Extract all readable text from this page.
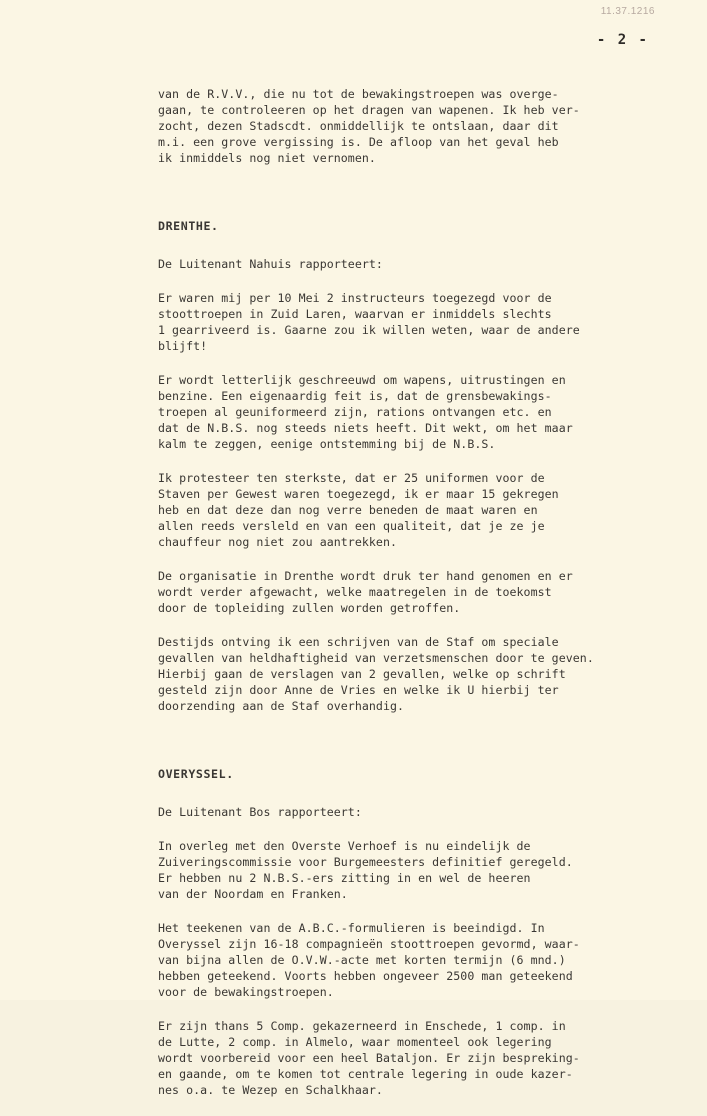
11.37.1216
- 2 -
van de R.V.V., die nu tot de bewakingstroepen was overge-
gaan, te controleeren op het dragen van wapenen. Ik heb ver-
zocht, dezen Stadscdt. onmiddellijk te ontslaan, daar dit
m.i. een grove vergissing is. De afloop van het geval heb
ik inmiddels nog niet vernomen.
DRENTHE.
De Luitenant Nahuis rapporteert:
Er waren mij per 10 Mei 2 instructeurs toegezegd voor de
stoottroepen in Zuid Laren, waarvan er inmiddels slechts
1 gearriveerd is. Gaarne zou ik willen weten, waar de andere
blijft!
Er wordt letterlijk geschreeuwd om wapens, uitrustingen en
benzine. Een eigenaardig feit is, dat de grensbewakings-
troepen al geuniformeerd zijn, rations ontvangen etc. en
dat de N.B.S. nog steeds niets heeft. Dit wekt, om het maar
kalm te zeggen, eenige ontstemming bij de N.B.S.
Ik protesteer ten sterkste, dat er 25 uniformen voor de
Staven per Gewest waren toegezegd, ik er maar 15 gekregen
heb en dat deze dan nog verre beneden de maat waren en
allen reeds versleld en van een qualiteit, dat je ze je
chauffeur nog niet zou aantrekken.
De organisatie in Drenthe wordt druk ter hand genomen en er
wordt verder afgewacht, welke maatregelen in de toekomst
door de topleiding zullen worden getroffen.
Destijds ontving ik een schrijven van de Staf om speciale
gevallen van heldhaftigheid van verzetsmenschen door te geven.
Hierbij gaan de verslagen van 2 gevallen, welke op schrift
gesteld zijn door Anne de Vries en welke ik U hierbij ter
doorzending aan de Staf overhandig.
OVERYSSEL.
De Luitenant Bos rapporteert:
In overleg met den Overste Verhoef is nu eindelijk de
Zuiveringscommissie voor Burgemeesters definitief geregeld.
Er hebben nu 2 N.B.S.-ers zitting in en wel de heeren
van der Noordam en Franken.
Het teekenen van de A.B.C.-formulieren is beeindigd. In
Overyssel zijn 16-18 compagnieën stoottroepen gevormd, waar-
van bijna allen de O.V.W.-acte met korten termijn (6 mnd.)
hebben geteekend. Voorts hebben ongeveer 2500 man geteekend
voor de bewakingstroepen.
Er zijn thans 5 Comp. gekazerneerd in Enschede, 1 comp. in
de Lutte, 2 comp. in Almelo, waar momenteel ook legering
wordt voorbereid voor een heel Bataljon. Er zijn bespreking-
en gaande, om te komen tot centrale legering in oude kazer-
nes o.a. te Wezep en Schalkhaar.
